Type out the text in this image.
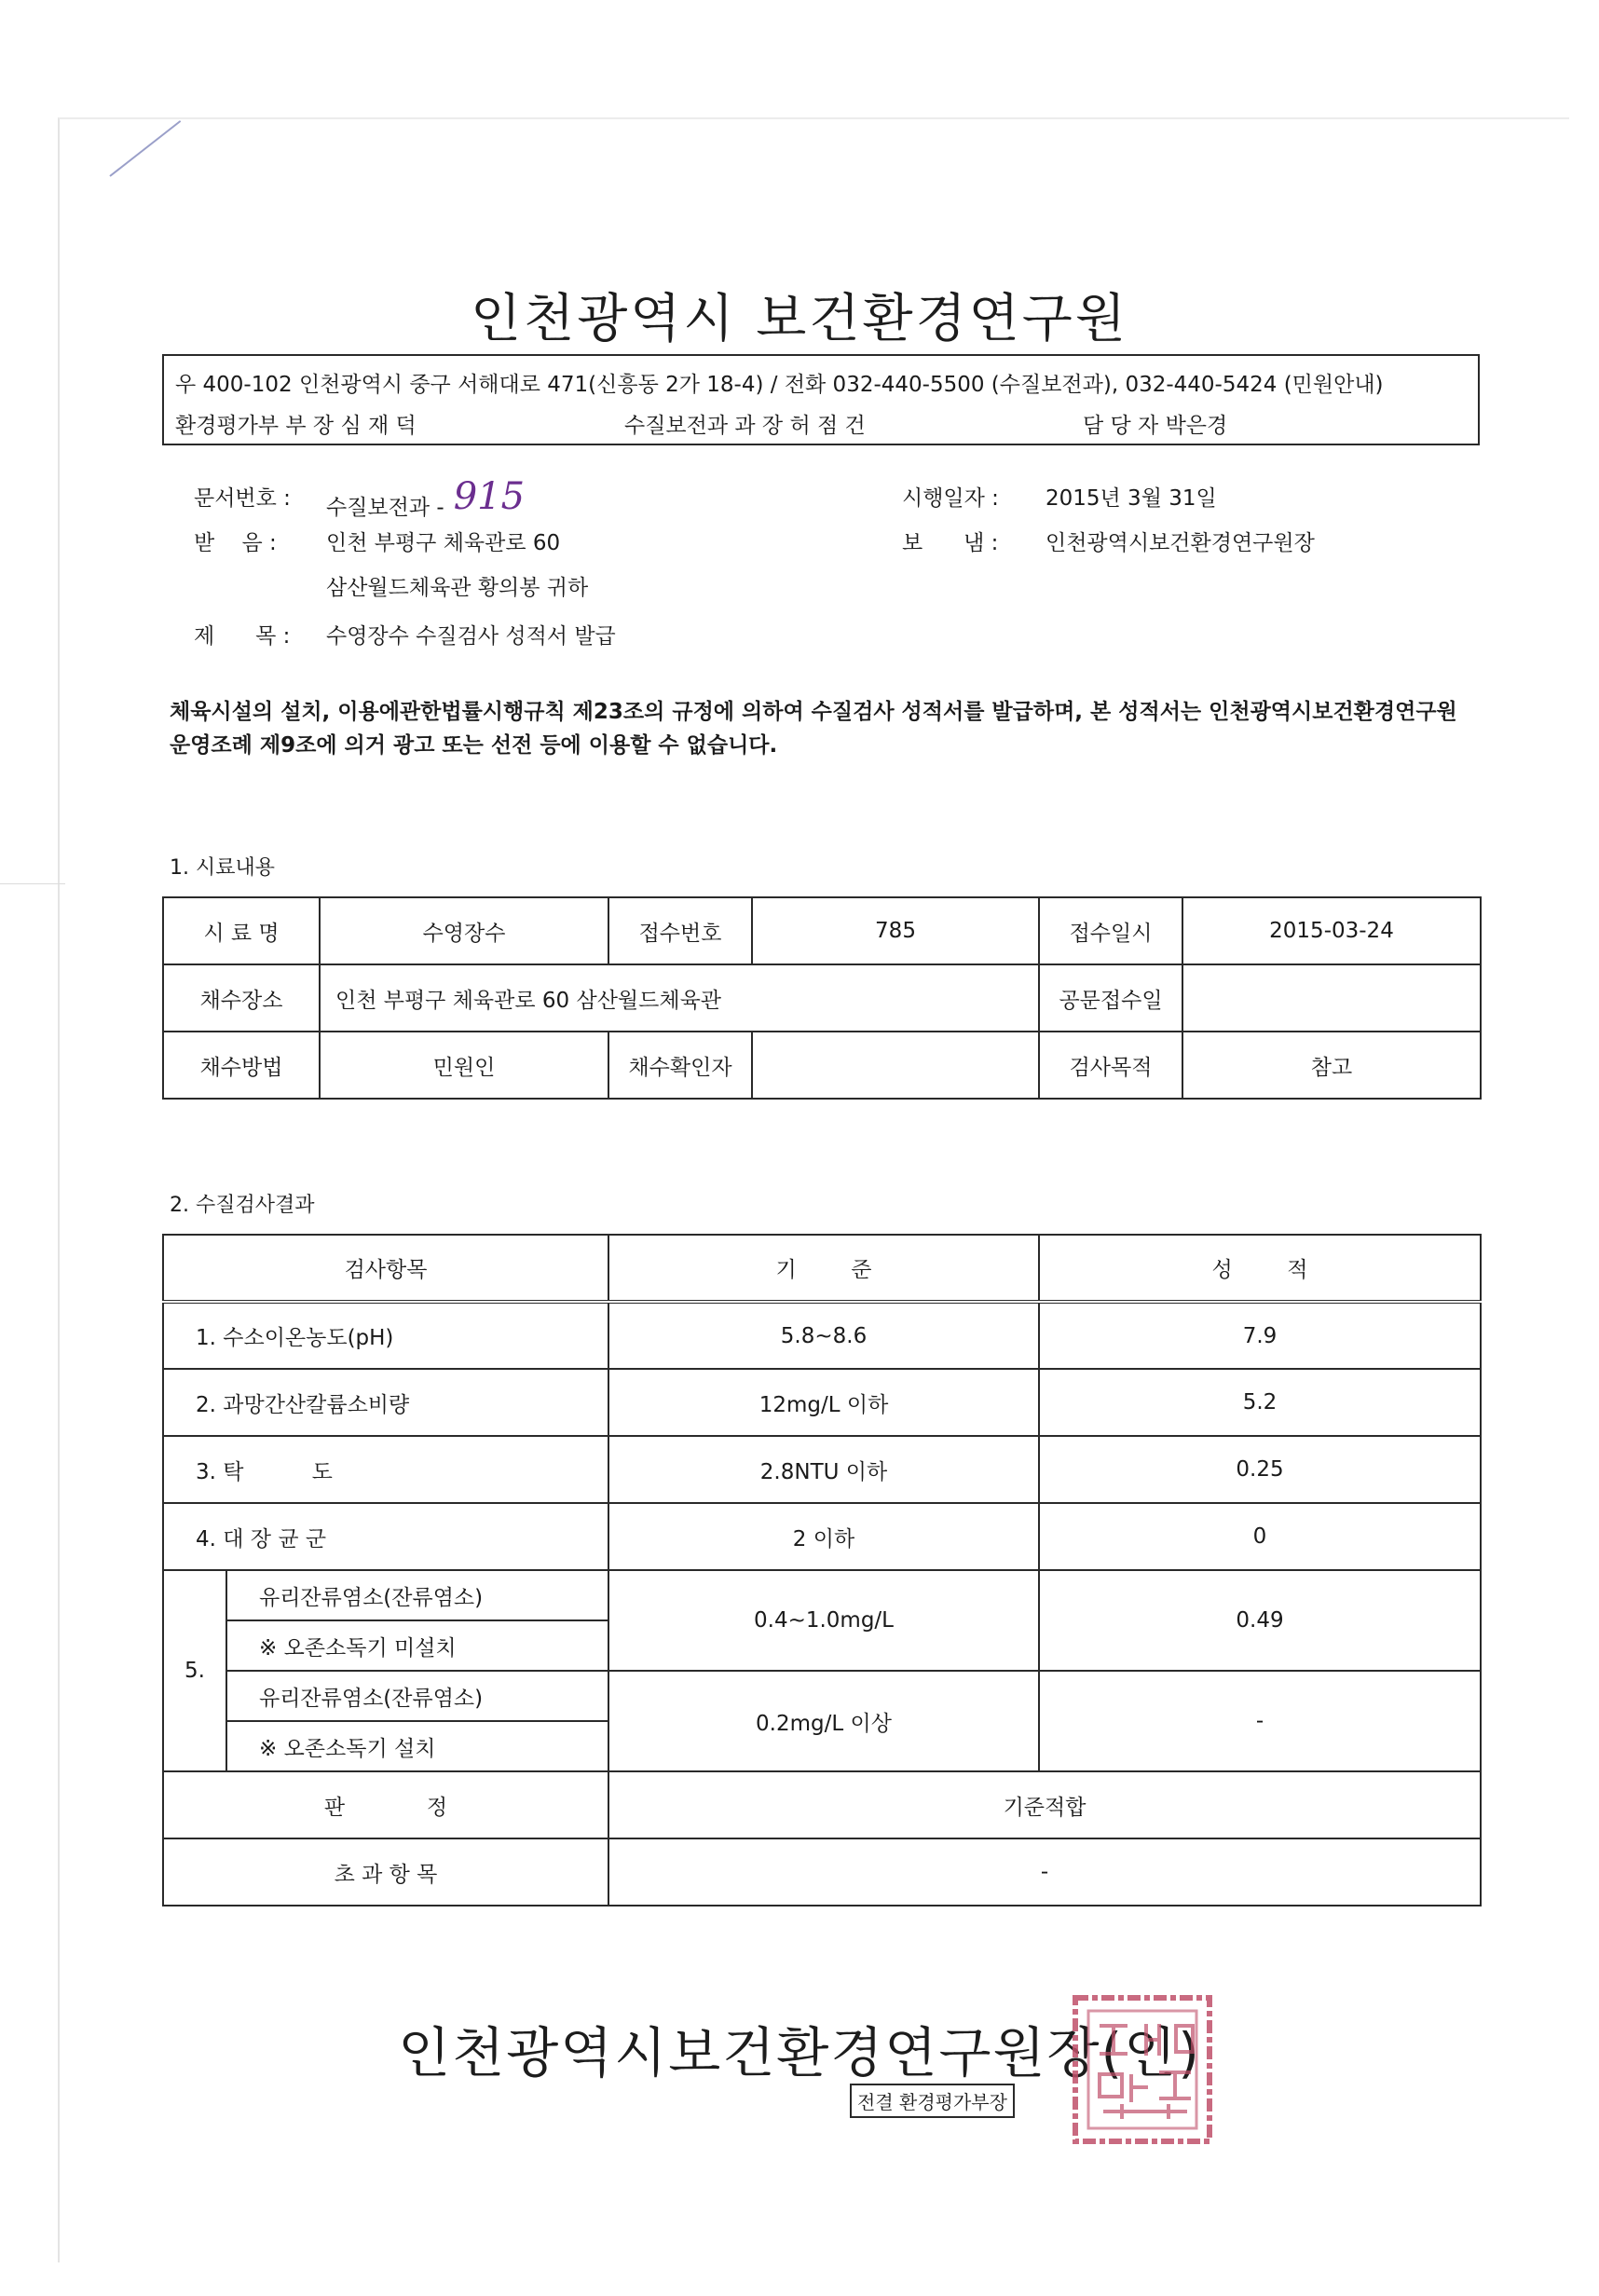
인천광역시 보건환경연구원
우 400-102 인천광역시 중구 서해대로 471(신흥동 2가 18-4) / 전화 032-440-5500 (수질보전과), 032-440-5424 (민원안내)
환경평가부 부 장 심 재 덕	수질보전과 과 장 허 점 건	담 당 자 박은경
문서번호 : 수질보전과 - 915	시행일자 : 2015년 3월 31일
받    음 : 인천 부평구 체육관로 60	보      냄 : 인천광역시보건환경연구원장
삼산월드체육관 황의봉 귀하
제      목 : 수영장수 수질검사 성적서 발급
체육시설의 설치, 이용에관한법률시행규칙 제23조의 규정에 의하여 수질검사 성적서를 발급하며, 본 성적서는 인천광역시보건환경연구원운영조례 제9조에 의거 광고 또는 선전 등에 이용할 수 없습니다.
1. 시료내용
시 료 명	수영장수	접수번호	785	접수일시	2015-03-24
채수장소	인천 부평구 체육관로 60 삼산월드체육관			공문접수일	
채수방법	민원인	채수확인자		검사목적	참고
2. 수질검사결과
검사항목		기        준	성        적
1. 수소이온농도(pH)		5.8~8.6	7.9
2. 과망간산칼륨소비량		12mg/L 이하	5.2
3. 탁          도		2.8NTU 이하	0.25
4. 대 장 균 군		2 이하	0
5.	유리잔류염소(잔류염소)	0.4~1.0mg/L	0.49
	※ 오존소독기 미설치		
	유리잔류염소(잔류염소)	0.2mg/L 이상	-
	※ 오존소독기 설치		
판            정		기준적합	
초 과 항 목		-	
인천광역시보건환경연구원장(인)
전결 환경평가부장
